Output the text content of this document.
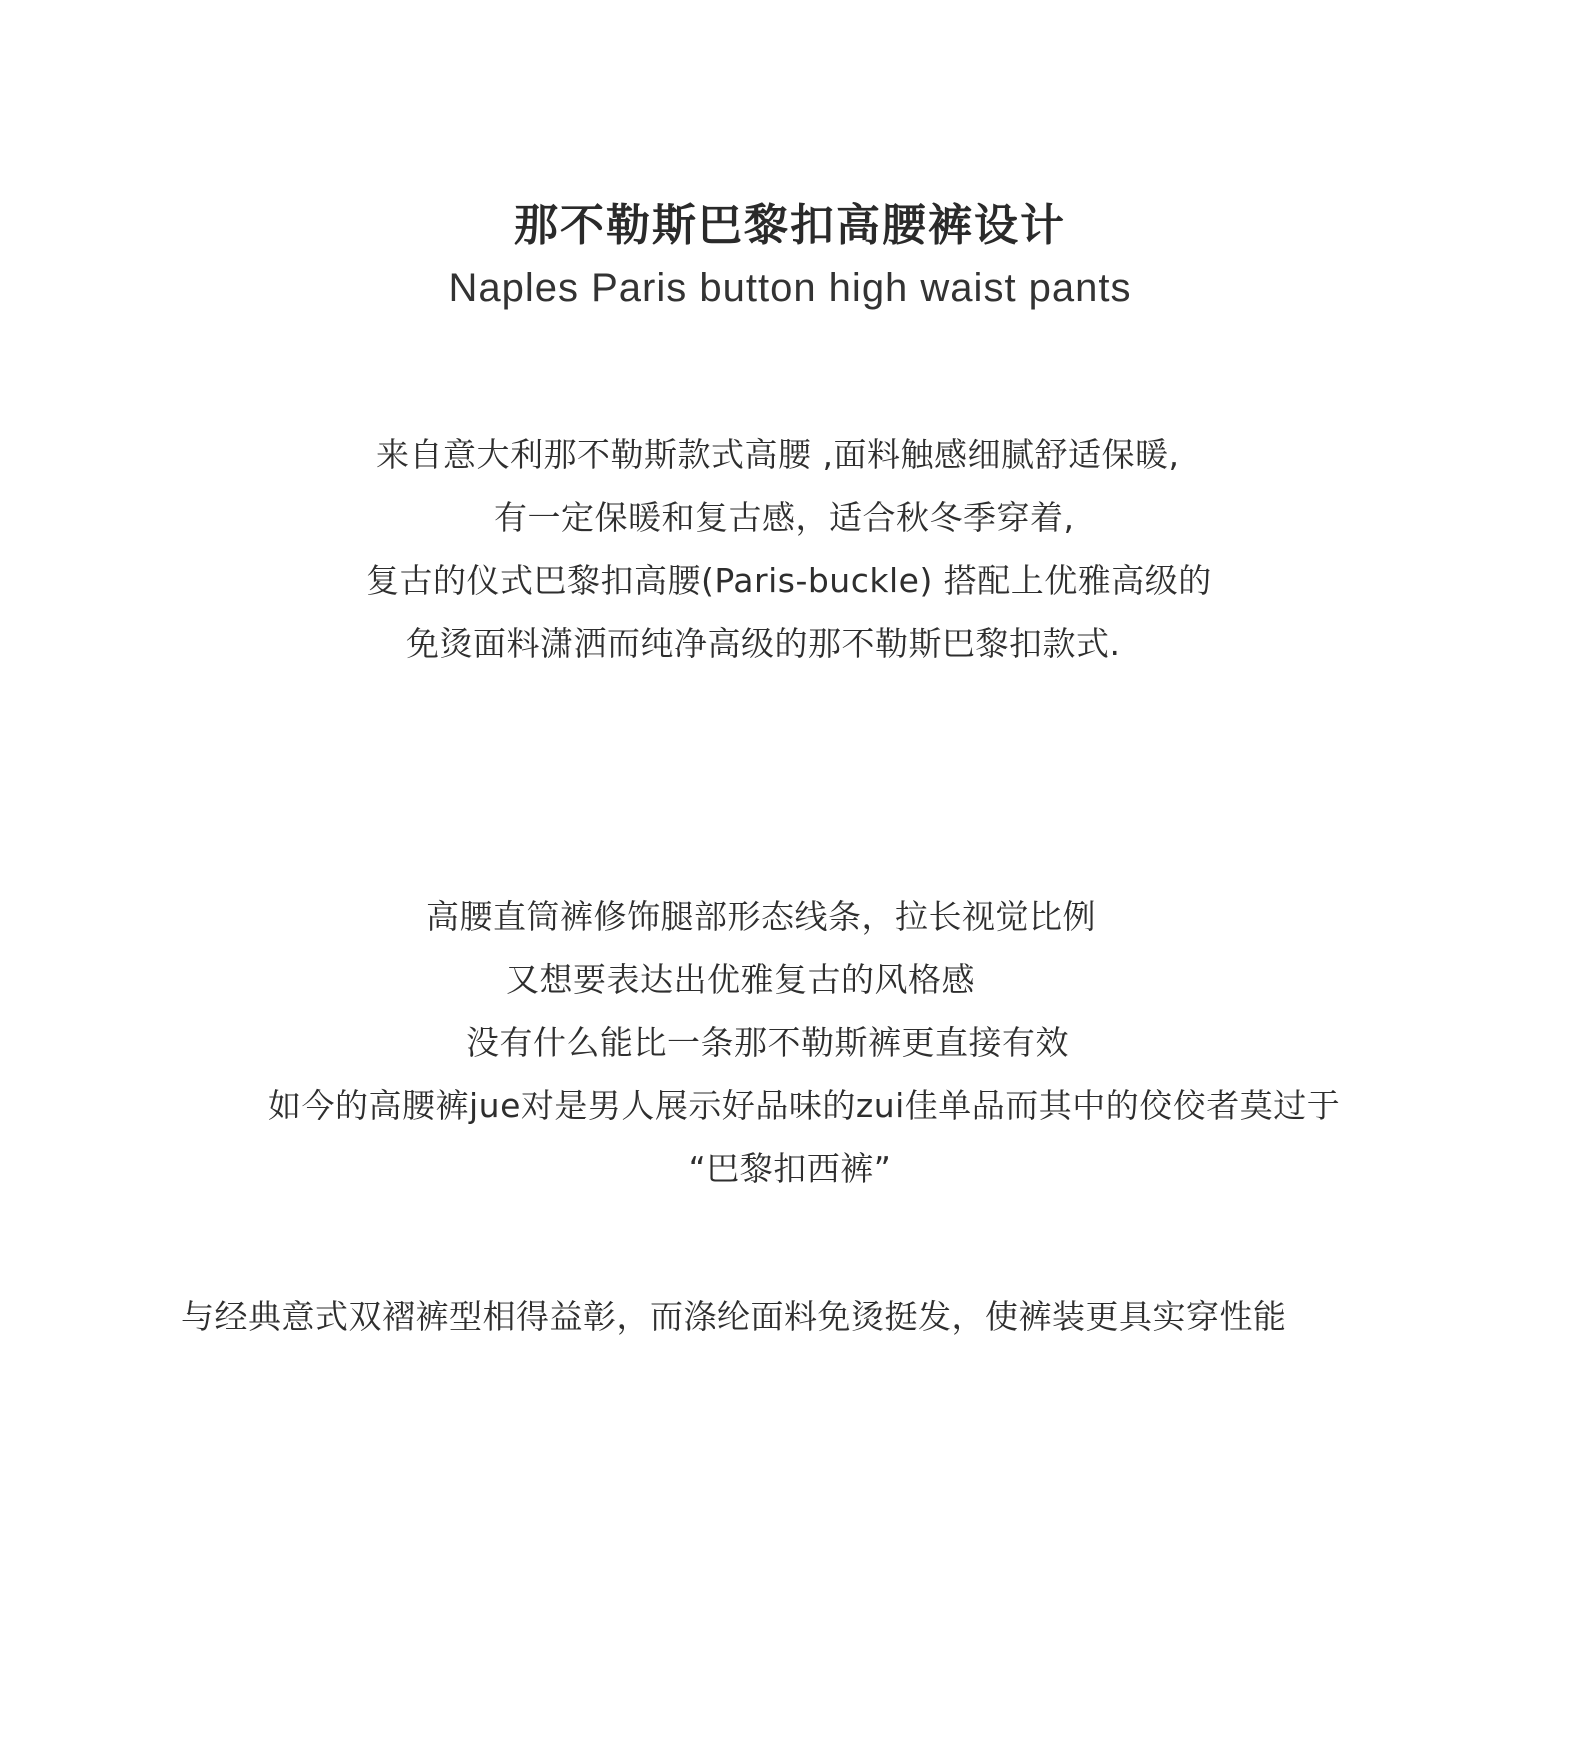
那不勒斯巴黎扣高腰裤设计
Naples Paris button high waist pants
来自意大利那不勒斯款式高腰 ,面料触感细腻舒适保暖,
有一定保暖和复古感，适合秋冬季穿着,
复古的仪式巴黎扣高腰(Paris-buckle) 搭配上优雅高级的
免烫面料潇洒而纯净高级的那不勒斯巴黎扣款式.
高腰直筒裤修饰腿部形态线条，拉长视觉比例
又想要表达出优雅复古的风格感
没有什么能比一条那不勒斯裤更直接有效
如今的高腰裤jue对是男人展示好品味的zui佳单品而其中的佼佼者莫过于
“巴黎扣西裤”
与经典意式双褶裤型相得益彰，而涤纶面料免烫挺发，使裤装更具实穿性能
